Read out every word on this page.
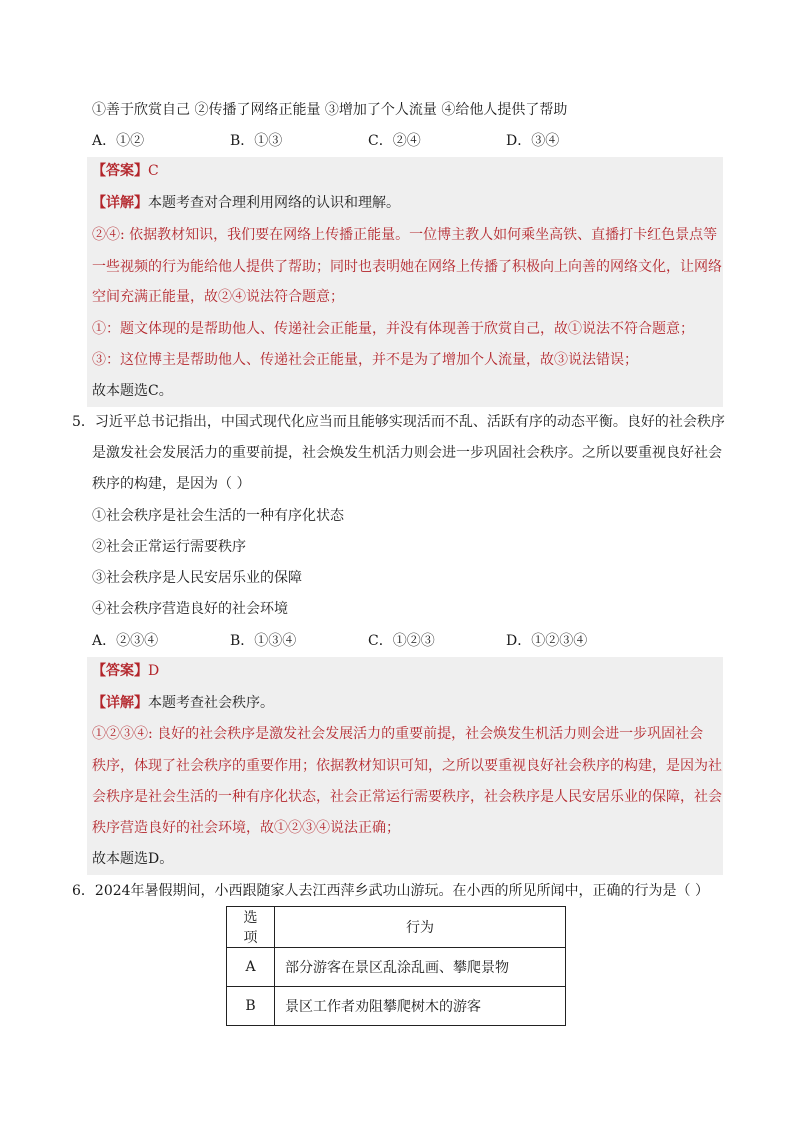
①善于欣赏自己 ②传播了网络正能量 ③增加了个人流量 ④给他人提供了帮助
A．①②	B．①③	C．②④	D．③④
【答案】C
【详解】本题考查对合理利用网络的认识和理解。
②④: 依据教材知识，我们要在网络上传播正能量。一位博主教人如何乘坐高铁、直播打卡红色景点等
一些视频的行为能给他人提供了帮助；同时也表明她在网络上传播了积极向上向善的网络文化，让网络
空间充满正能量，故②④说法符合题意；
①：题文体现的是帮助他人、传递社会正能量，并没有体现善于欣赏自己，故①说法不符合题意；
③：这位博主是帮助他人、传递社会正能量，并不是为了增加个人流量，故③说法错误；
故本题选C。
5．习近平总书记指出，中国式现代化应当而且能够实现活而不乱、活跃有序的动态平衡。良好的社会秩序
是激发社会发展活力的重要前提，社会焕发生机活力则会进一步巩固社会秩序。之所以要重视良好社会
秩序的构建，是因为（ ）
①社会秩序是社会生活的一种有序化状态
②社会正常运行需要秩序
③社会秩序是人民安居乐业的保障
④社会秩序营造良好的社会环境
A．②③④	B．①③④	C．①②③	D．①②③④
【答案】D
【详解】本题考查社会秩序。
①②③④: 良好的社会秩序是激发社会发展活力的重要前提，社会焕发生机活力则会进一步巩固社会
秩序，体现了社会秩序的重要作用；依据教材知识可知，之所以要重视良好社会秩序的构建，是因为社
会秩序是社会生活的一种有序化状态，社会正常运行需要秩序，社会秩序是人民安居乐业的保障，社会
秩序营造良好的社会环境，故①②③④说法正确；
故本题选D。
6．2024年暑假期间，小西跟随家人去江西萍乡武功山游玩。在小西的所见所闻中，正确的行为是（ ）
选项	行为
A	部分游客在景区乱涂乱画、攀爬景物
B	景区工作者劝阻攀爬树木的游客
